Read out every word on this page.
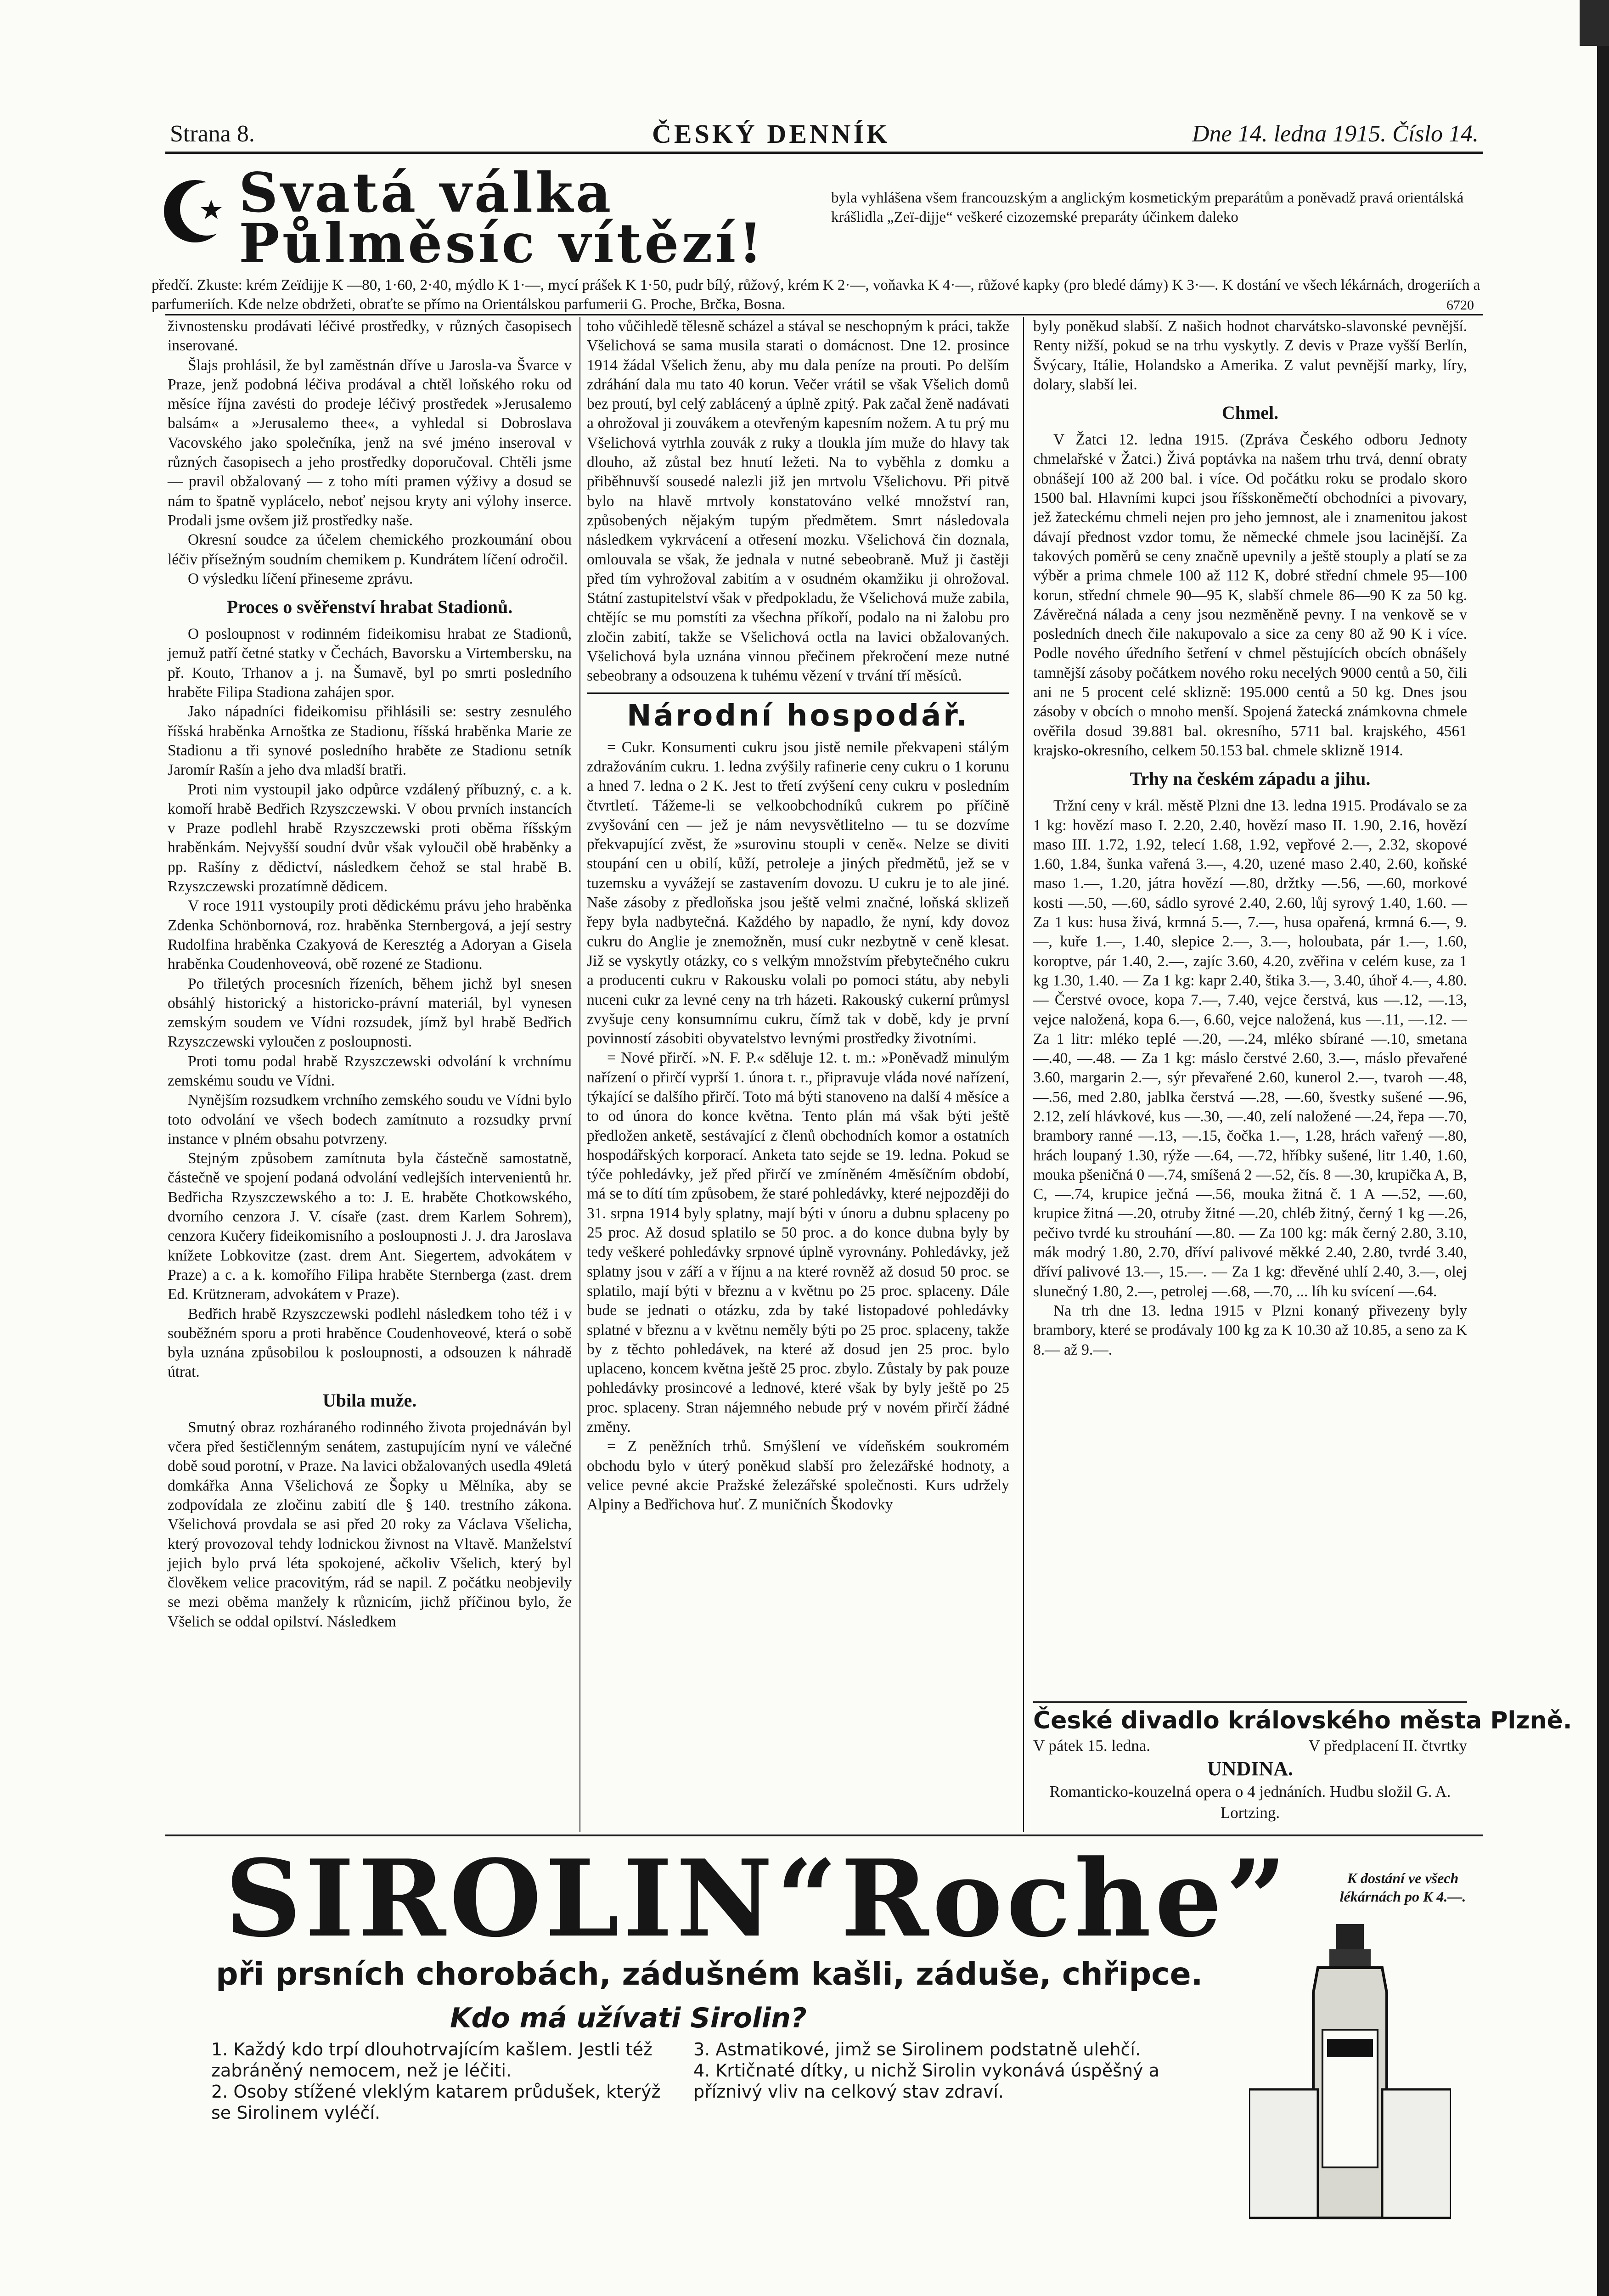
Strana 8.	ČESKÝ DENNÍK	Dne 14. ledna 1915. Číslo 14.
Svatá válka
Půlměsíc vítězí!
byla vyhlášena všem francouzským a anglickým kosmetickým preparátům a poněvadž pravá orientálská krášlidla „Zeï-dijje“ veškeré cizozemské preparáty účinkem daleko
předčí. Zkuste: krém Zeïdijje K —80, 1·60, 2·40, mýdlo K 1·—, mycí prášek K 1·50, pudr bílý, růžový, krém K 2·—, voňavka K 4·—, růžové kapky (pro bledé dámy) K 3·—. K dostání ve všech lékárnách, drogeriích a parfumeriích. Kde nelze obdržeti, obraťte se přímo na Orientálskou parfumerii G. Proche, Brčka, Bosna.	6720

živnostensku prodávati léčivé prostředky, v různých časopisech inserované.

Šlajs prohlásil, že byl zaměstnán dříve u Jarosla-va Švarce v Praze, jenž podobná léčiva prodával a chtěl loňského roku od měsíce října zavésti do prodeje léčivý prostředek »Jerusalemo balsám« a »Jerusalemo thee«, a vyhledal si Dobroslava Vacovského jako společníka, jenž na své jméno inseroval v různých časopisech a jeho prostředky doporučoval. Chtěli jsme — pravil obžalovaný — z toho míti pramen výživy a dosud se nám to špatně vyplácelo, neboť nejsou kryty ani výlohy inserce. Prodali jsme ovšem již prostředky naše.

Okresní soudce za účelem chemického prozkoumání obou léčiv přísežným soudním chemikem p. Kundrátem líčení odročil.

O výsledku líčení přineseme zprávu.

Proces o svěřenství hrabat Stadionů.

O posloupnost v rodinném fideikomisu hrabat ze Stadionů, jemuž patří četné statky v Čechách, Bavorsku a Virtembersku, na př. Kouto, Trhanov a j. na Šumavě, byl po smrti posledního hraběte Filipa Stadiona zahájen spor.

Jako nápadníci fideikomisu přihlásili se: sestry zesnulého říšská hraběnka Arnoštka ze Stadionu, říšská hraběnka Marie ze Stadionu a tři synové posledního hraběte ze Stadionu setník Jaromír Rašín a jeho dva mladší bratři.

Proti nim vystoupil jako odpůrce vzdálený příbuzný, c. a k. komoří hrabě Bedřich Rzyszczewski. V obou prvních instancích v Praze podlehl hrabě Rzyszczewski proti oběma říšským hraběnkám. Nejvyšší soudní dvůr však vyloučil obě hraběnky a pp. Rašíny z dědictví, následkem čehož se stal hrabě B. Rzyszczewski prozatímně dědicem.

V roce 1911 vystoupily proti dědickému právu jeho hraběnka Zdenka Schönbornová, roz. hraběnka Sternbergová, a její sestry Rudolfina hraběnka Czakyová de Keresztég a Adoryan a Gisela hraběnka Coudenhoveová, obě rozené ze Stadionu.

Po třiletých procesních řízeních, během jichž byl snesen obsáhlý historický a historicko-právní materiál, byl vynesen zemským soudem ve Vídni rozsudek, jímž byl hrabě Bedřich Rzyszczewski vyloučen z posloupnosti.

Proti tomu podal hrabě Rzyszczewski odvolání k vrchnímu zemskému soudu ve Vídni.

Nynějším rozsudkem vrchního zemského soudu ve Vídni bylo toto odvolání ve všech bodech zamítnuto a rozsudky první instance v plném obsahu potvrzeny.

Stejným způsobem zamítnuta byla částečně samostatně, částečně ve spojení podaná odvolání vedlejších intervenientů hr. Bedřicha Rzyszczewského a to: J. E. hraběte Chotkowského, dvorního cenzora J. V. císaře (zast. drem Karlem Sohrem), cenzora Kučery fideikomisního a posloupnosti J. J. dra Jaroslava knížete Lobkovitze (zast. drem Ant. Siegertem, advokátem v Praze) a c. a k. komořího Filipa hraběte Sternberga (zast. drem Ed. Krützneram, advokátem v Praze).

Bedřich hrabě Rzyszczewski podlehl následkem toho též i v souběžném sporu a proti hraběnce Coudenhoveové, která o sobě byla uznána způsobilou k posloupnosti, a odsouzen k náhradě útrat.

Ubila muže.

Smutný obraz rozháraného rodinného života projednáván byl včera před šestičlenným senátem, zastupujícím nyní ve válečné době soud porotní, v Praze. Na lavici obžalovaných usedla 49letá domkářka Anna Všelichová ze Šopky u Mělníka, aby se zodpovídala ze zločinu zabití dle § 140. trestního zákona. Všelichová provdala se asi před 20 roky za Václava Všelicha, který provozoval tehdy lodnickou živnost na Vltavě. Manželství jejich bylo prvá léta spokojené, ačkoliv Všelich, který byl člověkem velice pracovitým, rád se napil. Z počátku neobjevily se mezi oběma manžely k různicím, jichž příčinou bylo, že Všelich se oddal opilství. Následkem

toho vůčihledě tělesně scházel a stával se neschopným k práci, takže Všelichová se sama musila starati o domácnost. Dne 12. prosince 1914 žádal Všelich ženu, aby mu dala peníze na prouti. Po delším zdráhání dala mu tato 40 korun. Večer vrátil se však Všelich domů bez proutí, byl celý zablácený a úplně zpitý. Pak začal ženě nadávati a ohrožoval ji zouvákem a otevřeným kapesním nožem. A tu prý mu Všelichová vytrhla zouvák z ruky a tloukla jím muže do hlavy tak dlouho, až zůstal bez hnutí ležeti. Na to vyběhla z domku a přiběhnuvší sousedé nalezli již jen mrtvolu Všelichovu. Při pitvě bylo na hlavě mrtvoly konstatováno velké množství ran, způsobených nějakým tupým předmětem. Smrt následovala následkem vykrvácení a otřesení mozku. Všelichová čin doznala, omlouvala se však, že jednala v nutné sebeobraně. Muž ji častěji před tím vyhrožoval zabitím a v osudném okamžiku ji ohrožoval. Státní zastupitelství však v předpokladu, že Všelichová muže zabila, chtějíc se mu pomstíti za všechna příkoří, podalo na ni žalobu pro zločin zabití, takže se Všelichová octla na lavici obžalovaných. Všelichová byla uznána vinnou přečinem překročení meze nutné sebeobrany a odsouzena k tuhému vězení v trvání tří měsíců.

Národní hospodář.

= Cukr. Konsumenti cukru jsou jistě nemile překvapeni stálým zdražováním cukru. 1. ledna zvýšily rafinerie ceny cukru o 1 korunu a hned 7. ledna o 2 K. Jest to třetí zvýšení ceny cukru v posledním čtvrtletí. Tážeme-li se velkoobchodníků cukrem po příčině zvyšování cen — jež je nám nevysvětlitelno — tu se dozvíme překvapující zvěst, že »surovinu stoupli v ceně«. Nelze se diviti stoupání cen u obilí, kůží, petroleje a jiných předmětů, jež se v tuzemsku a vyvážejí se zastavením dovozu. U cukru je to ale jiné. Naše zásoby z předloňska jsou ještě velmi značné, loňská sklizeň řepy byla nadbytečná. Každého by napadlo, že nyní, kdy dovoz cukru do Anglie je znemožněn, musí cukr nezbytně v ceně klesat. Již se vyskytly otázky, co s velkým množstvím přebytečného cukru a producenti cukru v Rakousku volali po pomoci státu, aby nebyli nuceni cukr za levné ceny na trh házeti. Rakouský cukerní průmysl zvyšuje ceny konsumnímu cukru, čímž tak v době, kdy je první povinností zásobiti obyvatelstvo levnými prostředky životními.

= Nové přirčí. »N. F. P.« sděluje 12. t. m.: »Poněvadž minulým nařízení o přirčí vyprší 1. února t. r., připravuje vláda nové nařízení, týkající se dalšího přirčí. Toto má býti stanoveno na další 4 měsíce a to od února do konce května. Tento plán má však býti ještě předložen anketě, sestávající z členů obchodních komor a ostatních hospodářských korporací. Anketa tato sejde se 19. ledna. Pokud se týče pohledávky, jež před přirčí ve zmíněném 4měsíčním období, má se to dítí tím způsobem, že staré pohledávky, které nejpozději do 31. srpna 1914 byly splatny, mají býti v únoru a dubnu splaceny po 25 proc. Až dosud splatilo se 50 proc. a do konce dubna byly by tedy veškeré pohledávky srpnové úplně vyrovnány. Pohledávky, jež splatny jsou v září a v říjnu a na které rovněž až dosud 50 proc. se splatilo, mají býti v březnu a v květnu po 25 proc. splaceny. Dále bude se jednati o otázku, zda by také listopadové pohledávky splatné v březnu a v květnu neměly býti po 25 proc. splaceny, takže by z těchto pohledávek, na které až dosud jen 25 proc. bylo uplaceno, koncem května ještě 25 proc. zbylo. Zůstaly by pak pouze pohledávky prosincové a lednové, které však by byly ještě po 25 proc. splaceny. Stran nájemného nebude prý v novém přirčí žádné změny.

= Z peněžních trhů. Smýšlení ve vídeňském soukromém obchodu bylo v úterý poněkud slabší pro železářské hodnoty, a velice pevné akcie Pražské železářské společnosti. Kurs udržely Alpiny a Bedřichova huť. Z muničních Škodovky

byly poněkud slabší. Z našich hodnot charvátsko-slavonské pevnější. Renty nižší, pokud se na trhu vyskytly. Z devis v Praze vyšší Berlín, Švýcary, Itálie, Holandsko a Amerika. Z valut pevnější marky, líry, dolary, slabší lei.

Chmel.

V Žatci 12. ledna 1915. (Zpráva Českého odboru Jednoty chmelařské v Žatci.) Živá poptávka na našem trhu trvá, denní obraty obnášejí 100 až 200 bal. i více. Od počátku roku se prodalo skoro 1500 bal. Hlavními kupci jsou říšskoněmečtí obchodníci a pivovary, jež žateckému chmeli nejen pro jeho jemnost, ale i znamenitou jakost dávají přednost vzdor tomu, že německé chmele jsou lacinější. Za takových poměrů se ceny značně upevnily a ještě stouply a platí se za výběr a prima chmele 100 až 112 K, dobré střední chmele 95—100 korun, střední chmele 90—95 K, slabší chmele 86—90 K za 50 kg. Závěrečná nálada a ceny jsou nezměněně pevny. I na venkově se v posledních dnech čile nakupovalo a sice za ceny 80 až 90 K i více. Podle nového úředního šetření v chmel pěstujících obcích obnášely tamnější zásoby počátkem nového roku necelých 9000 centů a 50, čili ani ne 5 procent celé sklizně: 195.000 centů a 50 kg. Dnes jsou zásoby v obcích o mnoho menší. Spojená žatecká známkovna chmele ověřila dosud 39.881 bal. okresního, 5711 bal. krajského, 4561 krajsko-okresního, celkem 50.153 bal. chmele sklizně 1914.

Trhy na českém západu a jihu.

Tržní ceny v král. městě Plzni dne 13. ledna 1915. Prodávalo se za 1 kg: hovězí maso I. 2.20, 2.40, hovězí maso II. 1.90, 2.16, hovězí maso III. 1.72, 1.92, telecí 1.68, 1.92, vepřové 2.—, 2.32, skopové 1.60, 1.84, šunka vařená 3.—, 4.20, uzené maso 2.40, 2.60, koňské maso 1.—, 1.20, játra hovězí —.80, držtky —.56, —.60, morkové kosti —.50, —.60, sádlo syrové 2.40, 2.60, lůj syrový 1.40, 1.60. — Za 1 kus: husa živá, krmná 5.—, 7.—, husa opařená, krmná 6.—, 9.—, kuře 1.—, 1.40, slepice 2.—, 3.—, holoubata, pár 1.—, 1.60, koroptve, pár 1.40, 2.—, zajíc 3.60, 4.20, zvěřina v celém kuse, za 1 kg 1.30, 1.40. — Za 1 kg: kapr 2.40, štika 3.—, 3.40, úhoř 4.—, 4.80. — Čerstvé ovoce, kopa 7.—, 7.40, vejce čerstvá, kus —.12, —.13, vejce naložená, kopa 6.—, 6.60, vejce naložená, kus —.11, —.12. — Za 1 litr: mléko teplé —.20, —.24, mléko sbírané —.10, smetana —.40, —.48. — Za 1 kg: máslo čerstvé 2.60, 3.—, máslo převařené 3.60, margarin 2.—, sýr převařené 2.60, kunerol 2.—, tvaroh —.48, —.56, med 2.80, jablka čerstvá —.28, —.60, švestky sušené —.96, 2.12, zelí hlávkové, kus —.30, —.40, zelí naložené —.24, řepa —.70, brambory ranné —.13, —.15, čočka 1.—, 1.28, hrách vařený —.80, hrách loupaný 1.30, rýže —.64, —.72, hříbky sušené, litr 1.40, 1.60, mouka pšeničná 0 —.74, smíšená 2 —.52, čís. 8 —.30, krupička A, B, C, —.74, krupice ječná —.56, mouka žitná č. 1 A —.52, —.60, krupice žitná —.20, otruby žitné —.20, chléb žitný, černý 1 kg —.26, pečivo tvrdé ku strouhání —.80. — Za 100 kg: mák černý 2.80, 3.10, mák modrý 1.80, 2.70, dříví palivové měkké 2.40, 2.80, tvrdé 3.40, dříví palivové 13.—, 15.—. — Za 1 kg: dřevěné uhlí 2.40, 3.—, olej slunečný 1.80, 2.—, petrolej —.68, —.70, ... líh ku svícení —.64.

Na trh dne 13. ledna 1915 v Plzni konaný přivezeny byly brambory, které se prodávaly 100 kg za K 10.30 až 10.85, a seno za K 8.— až 9.—.

České divadlo královského města Plzně.
V pátek 15. ledna.	V předplacení II. čtvrtky
UNDINA.
Romanticko-kouzelná opera o 4 jednáních. Hudbu složil G. A. Lortzing.
SIROLIN“Roche”	K dostání ve všech lékárnách po K 4.—.
při prsních chorobách, zádušném kašli, záduše, chřipce.
Kdo má užívati Sirolin?
1. Každý kdo trpí dlouhotrvajícím kašlem. Jestli též zabráněný nemocem, než je léčiti.
2. Osoby stížené vleklým katarem průdušek, kterýž se Sirolinem vyléčí.
3. Astmatikové, jimž se Sirolinem podstatně ulehčí.
4. Krtičnaté dítky, u nichž Sirolin vykonává úspěšný a příznivý vliv na celkový stav zdraví.
